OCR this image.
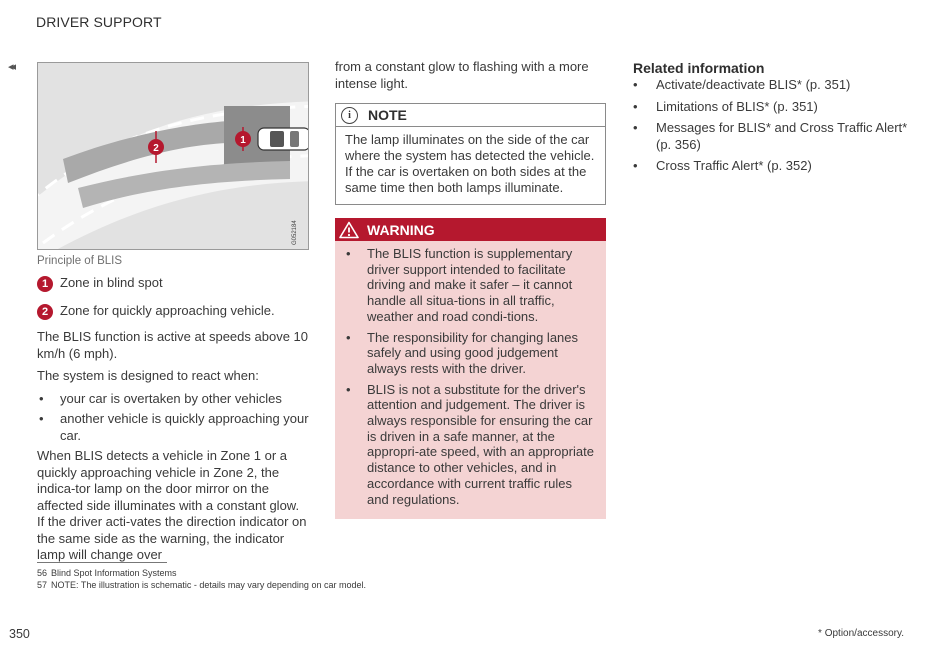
DRIVER SUPPORT
◂◂
1
2
G052184
Principle of BLIS
1 Zone in blind spot
2 Zone for quickly approaching vehicle.

The BLIS function is active at speeds above 10 km/h (6 mph).

The system is designed to react when:

• your car is overtaken by other vehicles
• another vehicle is quickly approaching your car.

When BLIS detects a vehicle in Zone 1 or a quickly approaching vehicle in Zone 2, the indica-tor lamp on the door mirror on the affected side illuminates with a constant glow. If the driver acti-vates the direction indicator on the same side as the warning, the indicator lamp will change over

from a constant glow to flashing with a more intense light.

i	NOTE
The lamp illuminates on the side of the car where the system has detected the vehicle. If the car is overtaken on both sides at the same time then both lamps illuminate.
WARNING
• The BLIS function is supplementary driver support intended to facilitate driving and make it safer – it cannot handle all situa-tions in all traffic, weather and road condi-tions.
• The responsibility for changing lanes safely and using good judgement always rests with the driver.
• BLIS is not a substitute for the driver's attention and judgement. The driver is always responsible for ensuring the car is driven in a safe manner, at the appropri-ate speed, with an appropriate distance to other vehicles, and in accordance with current traffic rules and regulations.
Related information
• Activate/deactivate BLIS* (p. 351)
• Limitations of BLIS* (p. 351)
• Messages for BLIS* and Cross Traffic Alert* (p. 356)
• Cross Traffic Alert* (p. 352)
56 Blind Spot Information Systems
57 NOTE: The illustration is schematic - details may vary depending on car model.
350	* Option/accessory.
